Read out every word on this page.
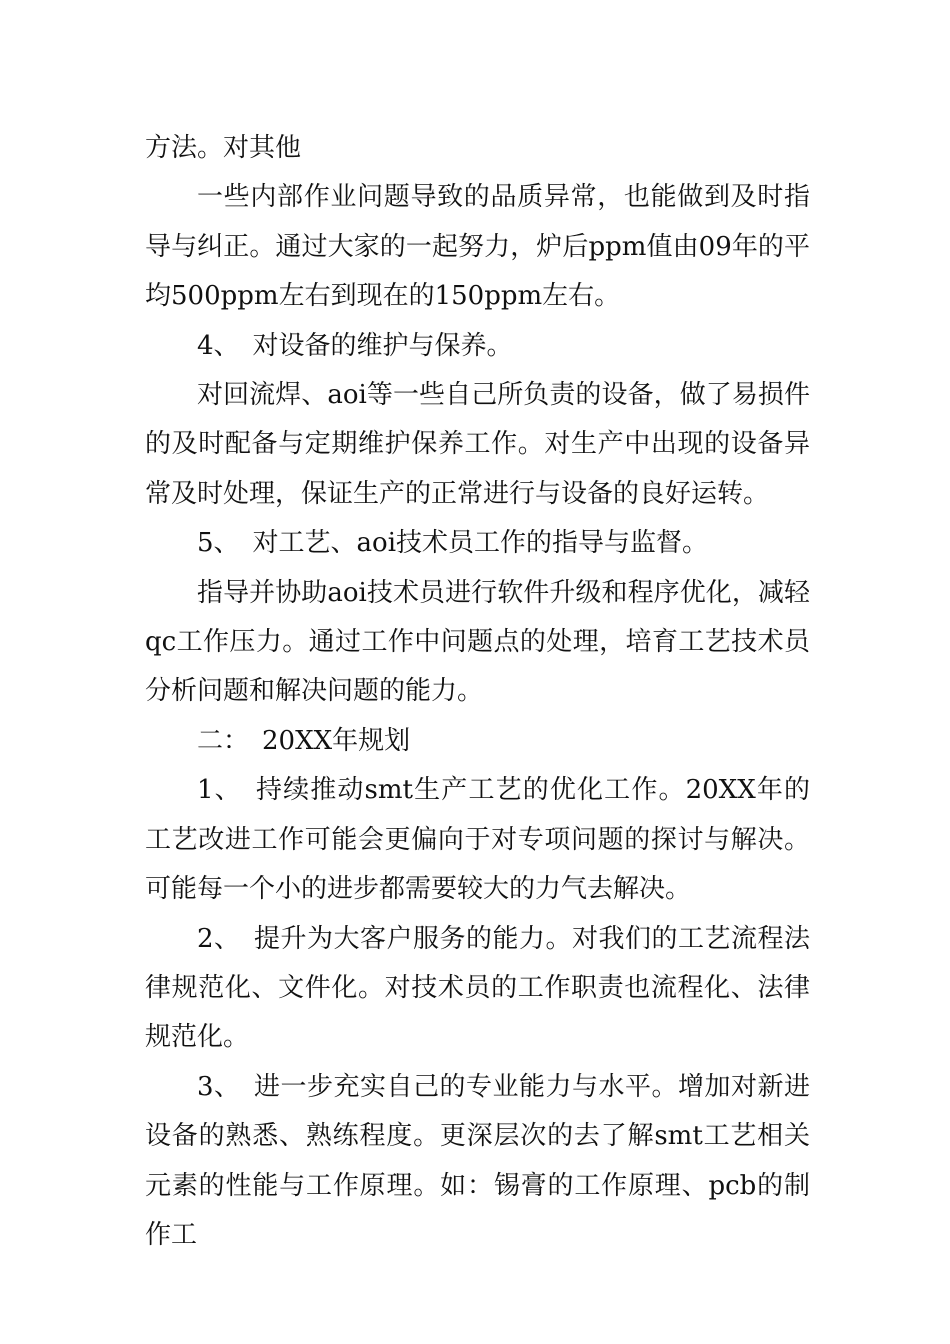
方法。对其他

一些内部作业问题导致的品质异常，也能做到及时指导与纠正。通过大家的一起努力，炉后ppm值由09年的平均500ppm左右到现在的150ppm左右。

4、　对设备的维护与保养。

对回流焊、aoi等一些自己所负责的设备，做了易损件的及时配备与定期维护保养工作。对生产中出现的设备异常及时处理，保证生产的正常进行与设备的良好运转。

5、　对工艺、aoi技术员工作的指导与监督。

指导并协助aoi技术员进行软件升级和程序优化，减轻qc工作压力。通过工作中问题点的处理，培育工艺技术员分析问题和解决问题的能力。

二：　20XX年规划

1、　持续推动smt生产工艺的优化工作。20XX年的工艺改进工作可能会更偏向于对专项问题的探讨与解决。可能每一个小的进步都需要较大的力气去解决。

2、　提升为大客户服务的能力。对我们的工艺流程法律规范化、文件化。对技术员的工作职责也流程化、法律规范化。

3、　进一步充实自己的专业能力与水平。增加对新进设备的熟悉、熟练程度。更深层次的去了解smt工艺相关元素的性能与工作原理。如：锡膏的工作原理、pcb的制作工
